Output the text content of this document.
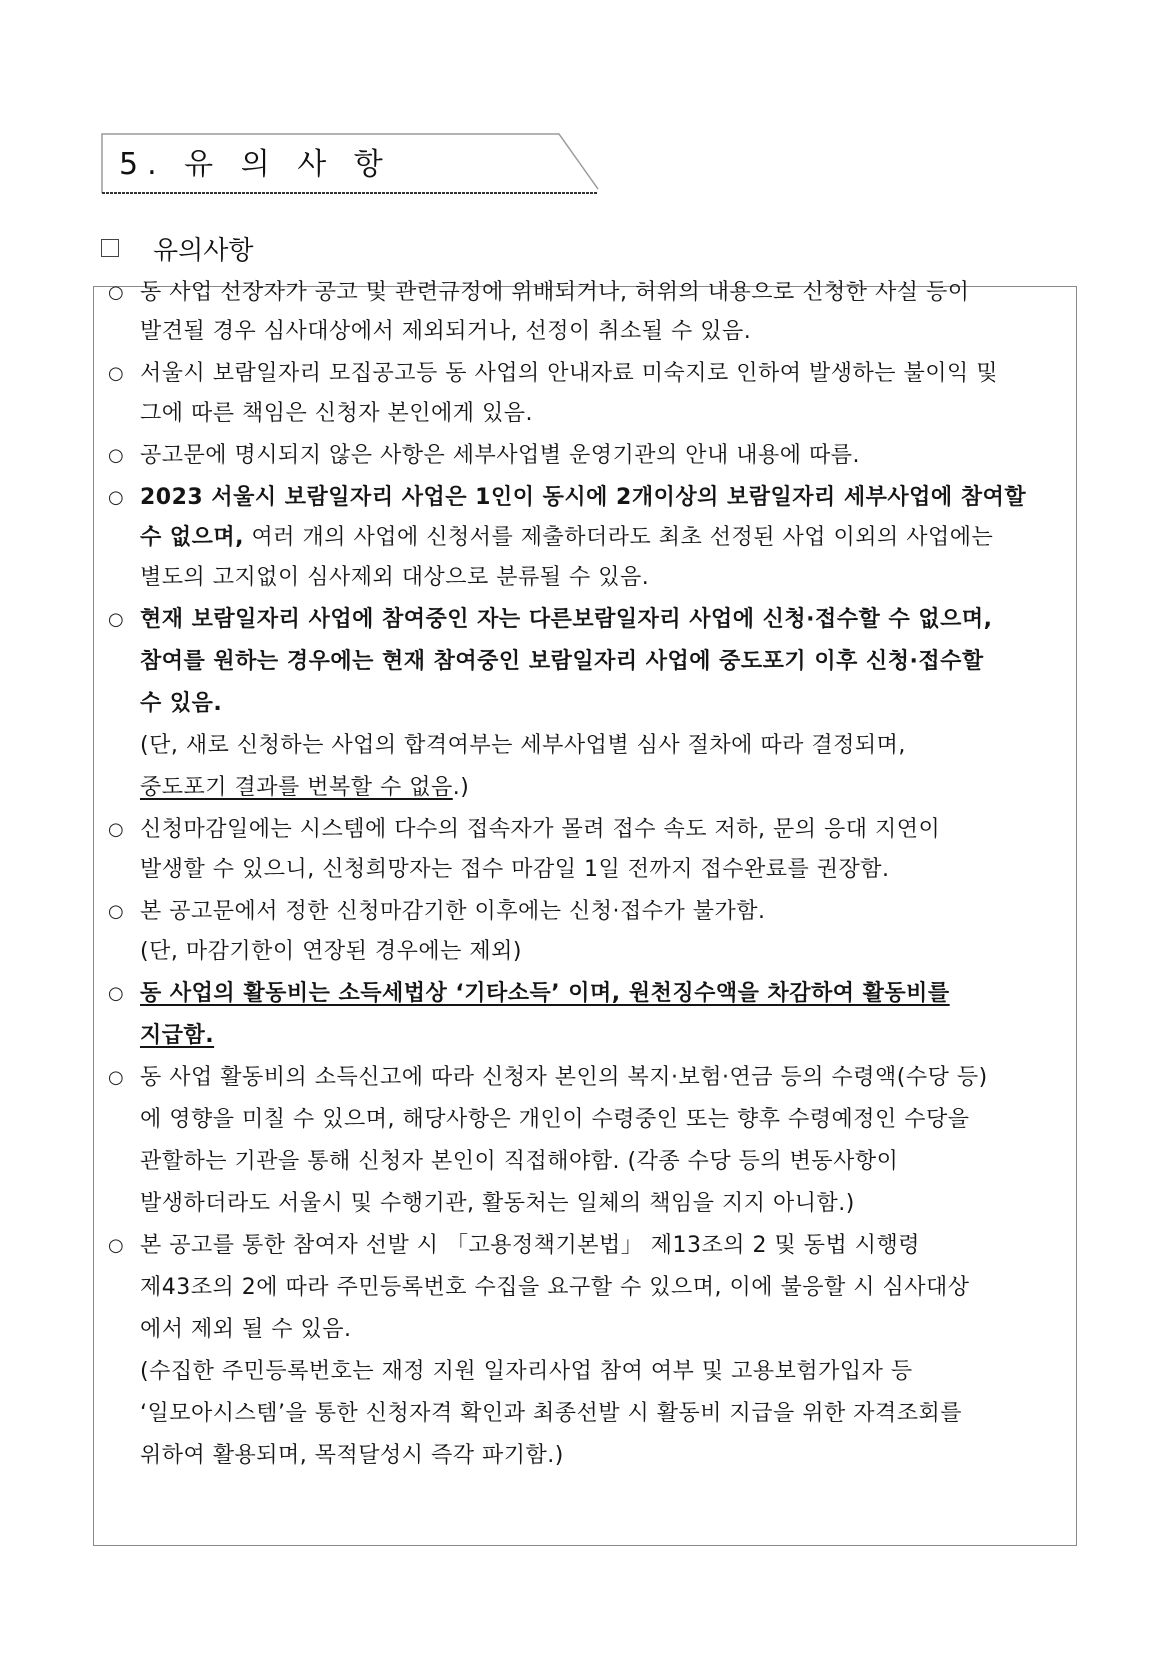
5. 유 의 사 항
유의사항
○ 동 사업 선장자가 공고 및 관련규정에 위배되거나, 허위의 내용으로 신청한 사실 등이
발견될 경우 심사대상에서 제외되거나, 선정이 취소될 수 있음.
○ 서울시 보람일자리 모집공고등 동 사업의 안내자료 미숙지로 인하여 발생하는 불이익 및
그에 따른 책임은 신청자 본인에게 있음.
○ 공고문에 명시되지 않은 사항은 세부사업별 운영기관의 안내 내용에 따름.
○ 2023 서울시 보람일자리 사업은 1인이 동시에 2개이상의 보람일자리 세부사업에 참여할
수 없으며, 여러 개의 사업에 신청서를 제출하더라도 최초 선정된 사업 이외의 사업에는
별도의 고지없이 심사제외 대상으로 분류될 수 있음.
○ 현재 보람일자리 사업에 참여중인 자는 다른보람일자리 사업에 신청·접수할 수 없으며,
참여를 원하는 경우에는 현재 참여중인 보람일자리 사업에 중도포기 이후 신청·접수할
수 있음.
(단, 새로 신청하는 사업의 합격여부는 세부사업별 심사 절차에 따라 결정되며,
중도포기 결과를 번복할 수 없음.)
○ 신청마감일에는 시스템에 다수의 접속자가 몰려 접수 속도 저하, 문의 응대 지연이
발생할 수 있으니, 신청희망자는 접수 마감일 1일 전까지 접수완료를 권장함.
○ 본 공고문에서 정한 신청마감기한 이후에는 신청·접수가 불가함.
(단, 마감기한이 연장된 경우에는 제외)
○ 동 사업의 활동비는 소득세법상 ‘기타소득’ 이며, 원천징수액을 차감하여 활동비를
지급함.
○ 동 사업 활동비의 소득신고에 따라 신청자 본인의 복지·보험·연금 등의 수령액(수당 등)
에 영향을 미칠 수 있으며, 해당사항은 개인이 수령중인 또는 향후 수령예정인 수당을
관할하는 기관을 통해 신청자 본인이 직접해야함. (각종 수당 등의 변동사항이
발생하더라도 서울시 및 수행기관, 활동처는 일체의 책임을 지지 아니함.)
○ 본 공고를 통한 참여자 선발 시 「고용정책기본법」 제13조의 2 및 동법 시행령
제43조의 2에 따라 주민등록번호 수집을 요구할 수 있으며, 이에 불응할 시 심사대상
에서 제외 될 수 있음.
(수집한 주민등록번호는 재정 지원 일자리사업 참여 여부 및 고용보험가입자 등
‘일모아시스템’을 통한 신청자격 확인과 최종선발 시 활동비 지급을 위한 자격조회를
위하여 활용되며, 목적달성시 즉각 파기함.)
